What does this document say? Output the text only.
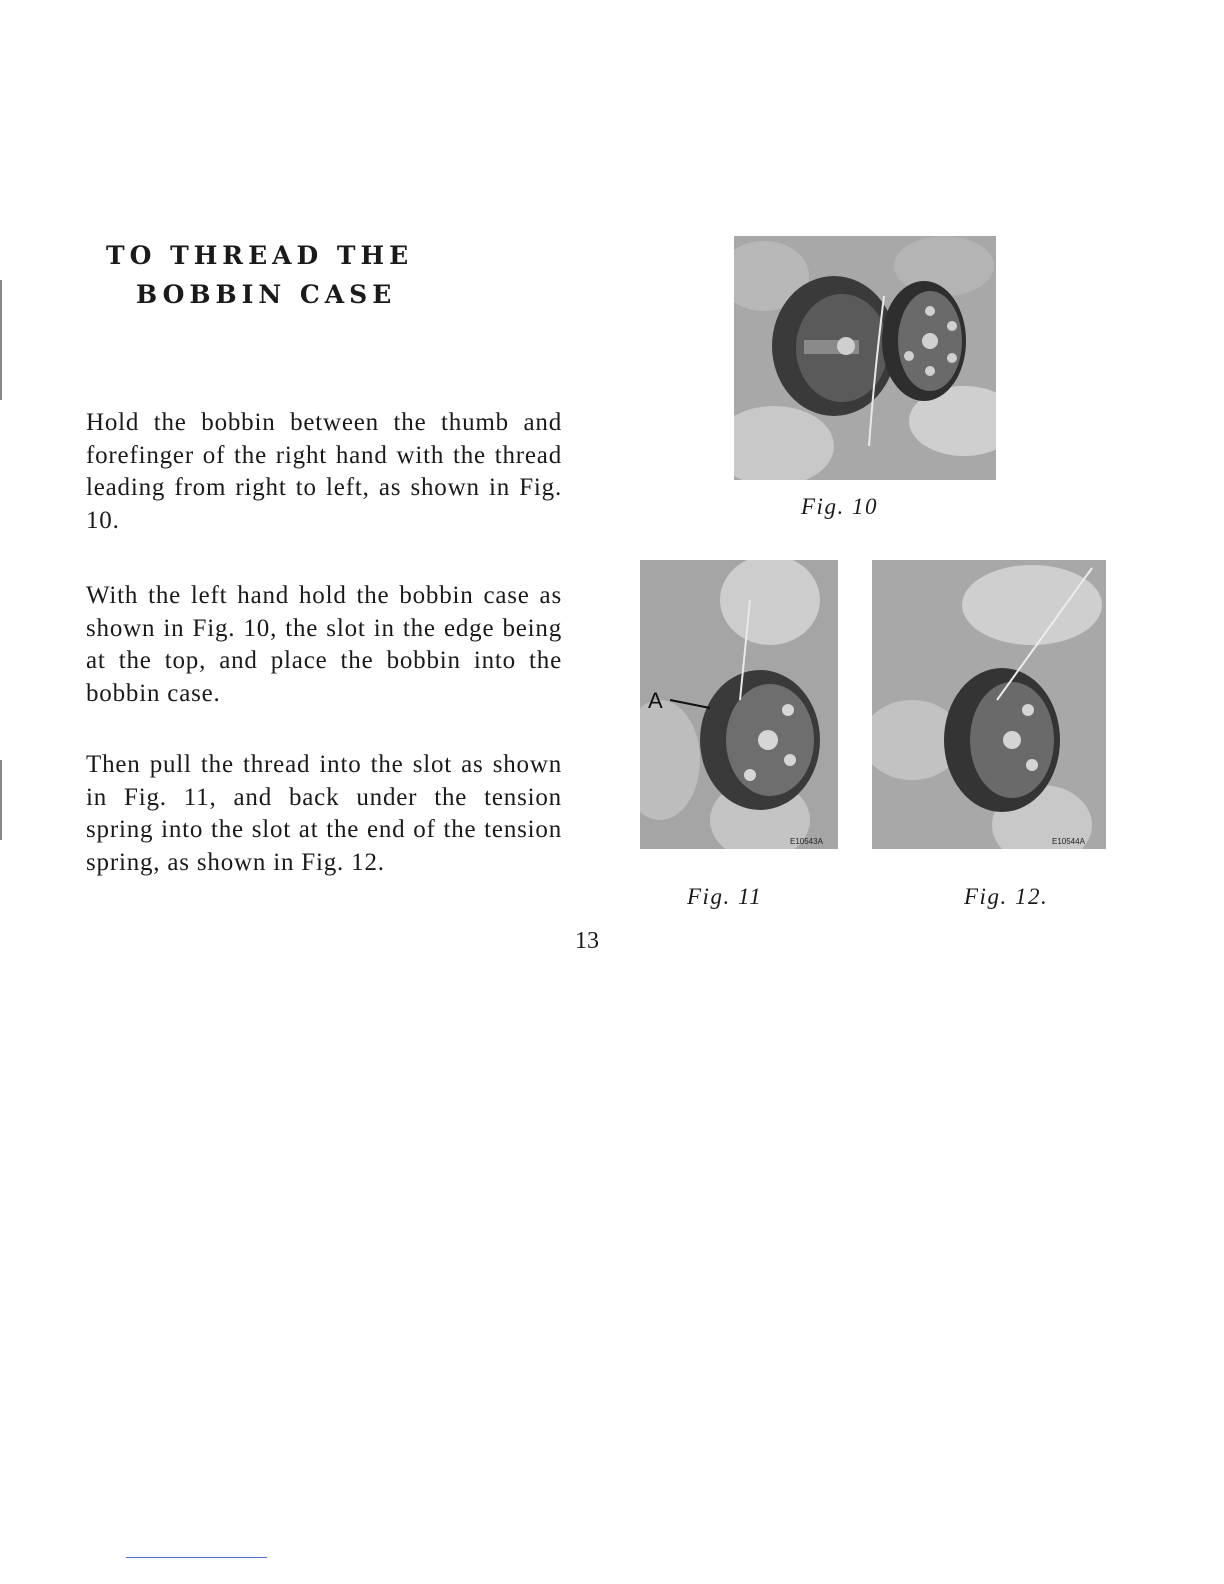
TO THREAD THE
BOBBIN CASE

Hold the bobbin between the thumb and forefinger of the right hand with the thread leading from right to left, as shown in Fig. 10.

With the left hand hold the bobbin case as shown in Fig. 10, the slot in the edge being at the top, and place the bobbin into the bobbin case.

Then pull the thread into the slot as shown in Fig. 11, and back under the tension spring into the slot at the end of the tension spring, as shown in Fig. 12.

Fig. 10
A
E10543A
Fig. 11
E10544A
Fig. 12.
13
